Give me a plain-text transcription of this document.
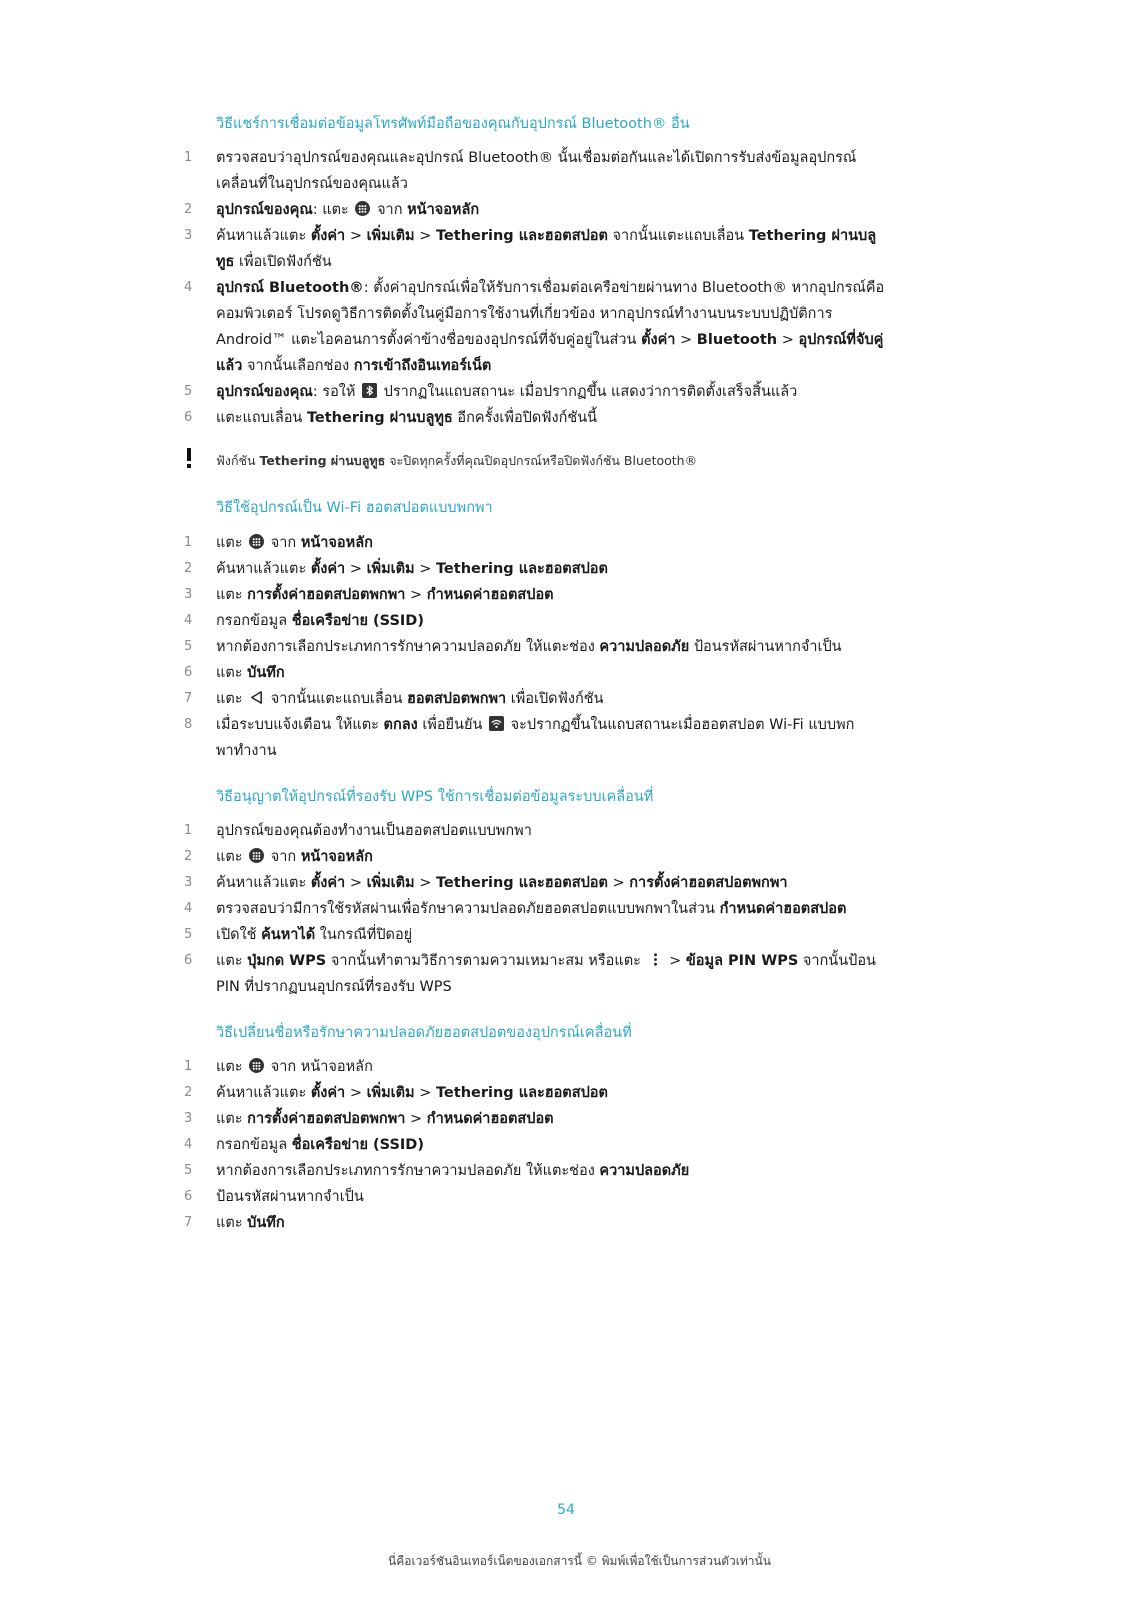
วิธีแชร์การเชื่อมต่อข้อมูลโทรศัพท์มือถือของคุณกับอุปกรณ์ Bluetooth® อื่น
1	ตรวจสอบว่าอุปกรณ์ของคุณและอุปกรณ์ Bluetooth® นั้นเชื่อมต่อกันและได้เปิดการรับส่งข้อมูลอุปกรณ์
เคลื่อนที่ในอุปกรณ์ของคุณแล้ว
2	อุปกรณ์ของคุณ: แตะ จาก หน้าจอหลัก
3	ค้นหาแล้วแตะ ตั้งค่า > เพิ่มเติม > Tethering และฮอตสปอต จากนั้นแตะแถบเลื่อน Tethering ผ่านบลู
ทูธ เพื่อเปิดฟังก์ชัน
4	อุปกรณ์ Bluetooth®: ตั้งค่าอุปกรณ์เพื่อให้รับการเชื่อมต่อเครือข่ายผ่านทาง Bluetooth® หากอุปกรณ์คือ
คอมพิวเตอร์ โปรดดูวิธีการติดตั้งในคู่มือการใช้งานที่เกี่ยวข้อง หากอุปกรณ์ทำงานบนระบบปฏิบัติการ
Android™ แตะไอคอนการตั้งค่าข้างชื่อของอุปกรณ์ที่จับคู่อยู่ในส่วน ตั้งค่า > Bluetooth > อุปกรณ์ที่จับคู่
แล้ว จากนั้นเลือกช่อง การเข้าถึงอินเทอร์เน็ต
5	อุปกรณ์ของคุณ: รอให้ ปรากฏในแถบสถานะ เมื่อปรากฏขึ้น แสดงว่าการติดตั้งเสร็จสิ้นแล้ว
6	แตะแถบเลื่อน Tethering ผ่านบลูทูธ อีกครั้งเพื่อปิดฟังก์ชันนี้
ฟังก์ชัน Tethering ผ่านบลูทูธ จะปิดทุกครั้งที่คุณปิดอุปกรณ์หรือปิดฟังก์ชัน Bluetooth®
วิธีใช้อุปกรณ์เป็น Wi-Fi ฮอตสปอตแบบพกพา
1	แตะ จาก หน้าจอหลัก
2	ค้นหาแล้วแตะ ตั้งค่า > เพิ่มเติม > Tethering และฮอตสปอต
3	แตะ การตั้งค่าฮอตสปอตพกพา > กำหนดค่าฮอตสปอต
4	กรอกข้อมูล ชื่อเครือข่าย (SSID)
5	หากต้องการเลือกประเภทการรักษาความปลอดภัย ให้แตะช่อง ความปลอดภัย ป้อนรหัสผ่านหากจำเป็น
6	แตะ บันทึก
7	แตะ จากนั้นแตะแถบเลื่อน ฮอตสปอตพกพา เพื่อเปิดฟังก์ชัน
8	เมื่อระบบแจ้งเตือน ให้แตะ ตกลง เพื่อยืนยัน จะปรากฏขึ้นในแถบสถานะเมื่อฮอตสปอต Wi-Fi แบบพก
พาทำงาน
วิธีอนุญาตให้อุปกรณ์ที่รองรับ WPS ใช้การเชื่อมต่อข้อมูลระบบเคลื่อนที่
1	อุปกรณ์ของคุณต้องทำงานเป็นฮอตสปอตแบบพกพา
2	แตะ จาก หน้าจอหลัก
3	ค้นหาแล้วแตะ ตั้งค่า > เพิ่มเติม > Tethering และฮอตสปอต > การตั้งค่าฮอตสปอตพกพา
4	ตรวจสอบว่ามีการใช้รหัสผ่านเพื่อรักษาความปลอดภัยฮอตสปอตแบบพกพาในส่วน กำหนดค่าฮอตสปอต
5	เปิดใช้ ค้นหาได้ ในกรณีที่ปิดอยู่
6	แตะ ปุ่มกด WPS จากนั้นทำตามวิธีการตามความเหมาะสม หรือแตะ > ข้อมูล PIN WPS จากนั้นป้อน
PIN ที่ปรากฏบนอุปกรณ์ที่รองรับ WPS
วิธีเปลี่ยนชื่อหรือรักษาความปลอดภัยฮอตสปอตของอุปกรณ์เคลื่อนที่
1	แตะ จาก หน้าจอหลัก
2	ค้นหาแล้วแตะ ตั้งค่า > เพิ่มเติม > Tethering และฮอตสปอต
3	แตะ การตั้งค่าฮอตสปอตพกพา > กำหนดค่าฮอตสปอต
4	กรอกข้อมูล ชื่อเครือข่าย (SSID)
5	หากต้องการเลือกประเภทการรักษาความปลอดภัย ให้แตะช่อง ความปลอดภัย
6	ป้อนรหัสผ่านหากจำเป็น
7	แตะ บันทึก
54
นี่คือเวอร์ชันอินเทอร์เน็ตของเอกสารนี้ © พิมพ์เพื่อใช้เป็นการส่วนตัวเท่านั้น
